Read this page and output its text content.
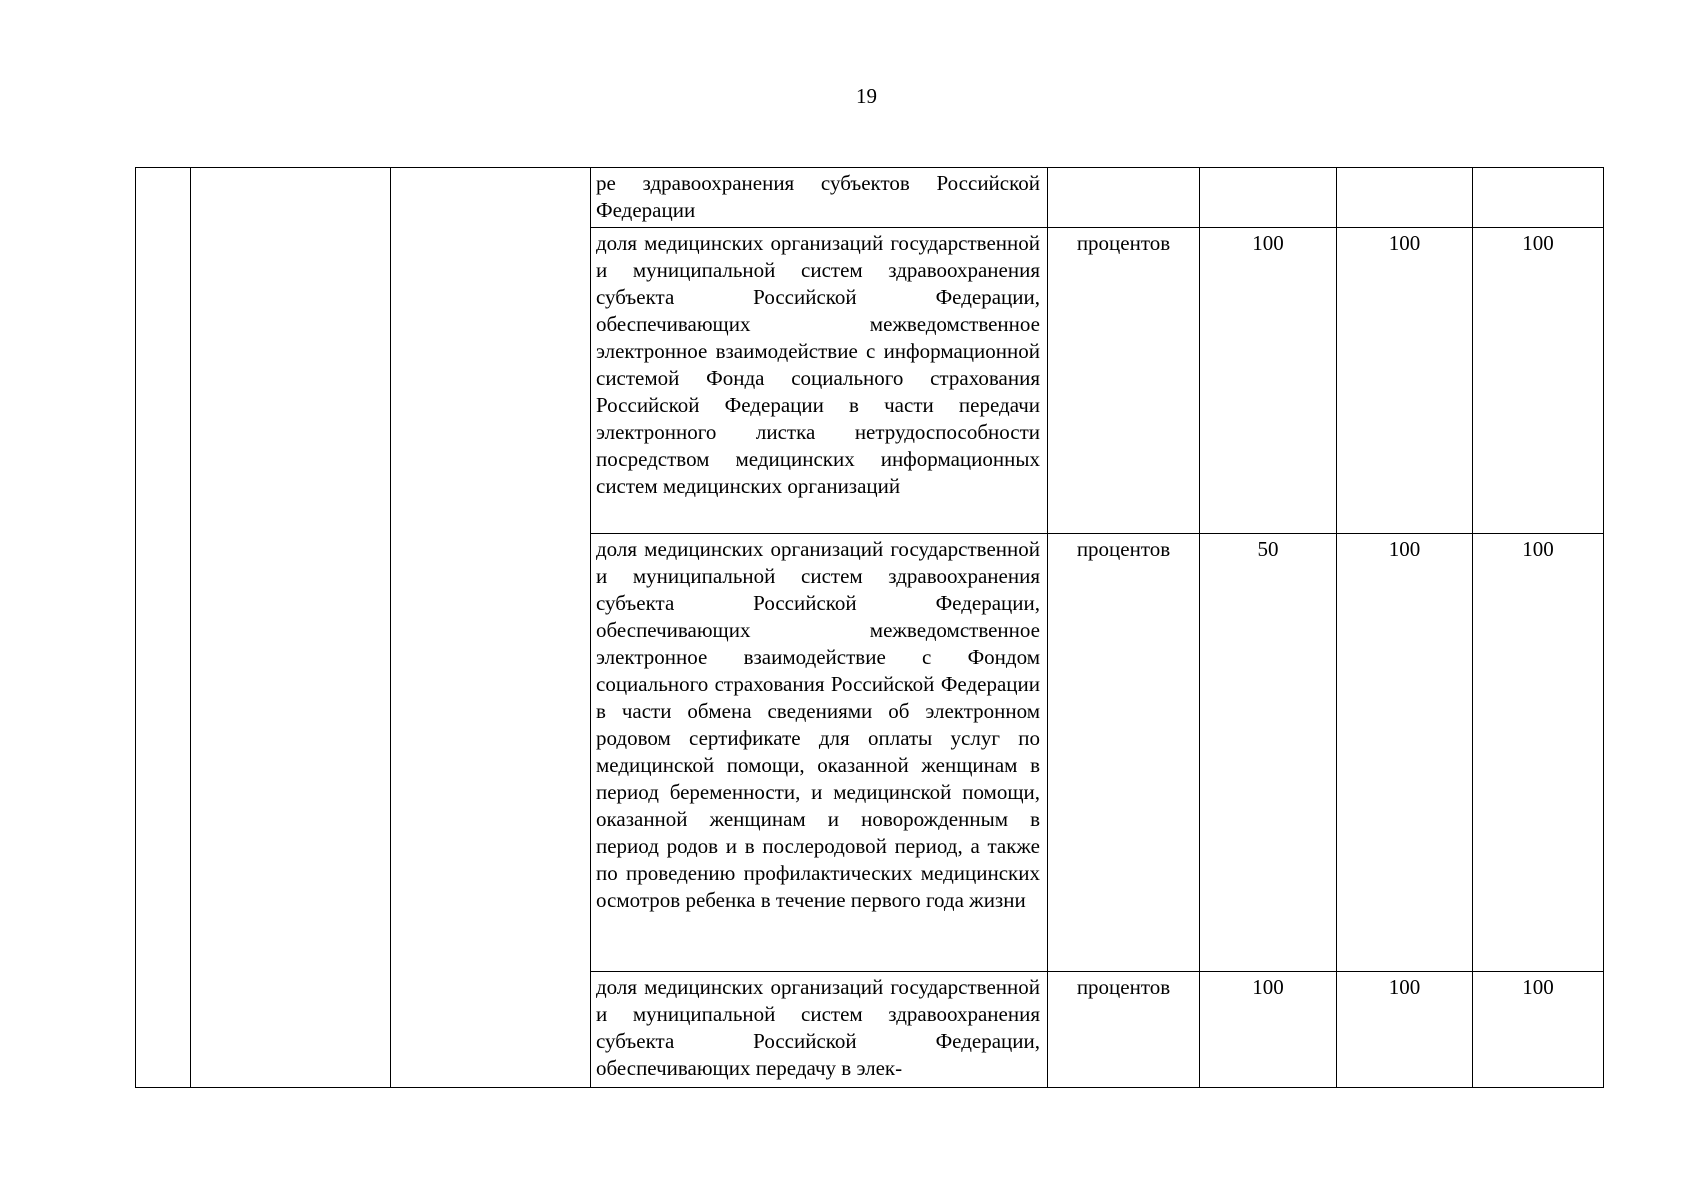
19
			ре здравоохранения субъектов Российской Федерации				
			доля медицинских организаций государственной и муниципальной систем здравоохранения субъекта Российской Федерации, обеспечивающих межведомственное электронное взаимодействие с информационной системой Фонда социального страхования Российской Федерации в части передачи электронного листка нетрудоспособности посредством медицинских информационных систем медицинских организаций	процентов	100	100	100
			доля медицинских организаций государственной и муниципальной систем здравоохранения субъекта Российской Федерации, обеспечивающих межведомственное электронное взаимодействие с Фондом социального страхования Российской Федерации в части обмена сведениями об электронном родовом сертификате для оплаты услуг по медицинской помощи, оказанной женщинам в период беременности, и медицинской помощи, оказанной женщинам и новорожденным в период родов и в послеродовой период, а также по проведению профилактических медицинских осмотров ребенка в течение первого года жизни	процентов	50	100	100
			доля медицинских организаций государственной и муниципальной систем здравоохранения субъекта Российской Федерации, обеспечивающих передачу в элек-	процентов	100	100	100
